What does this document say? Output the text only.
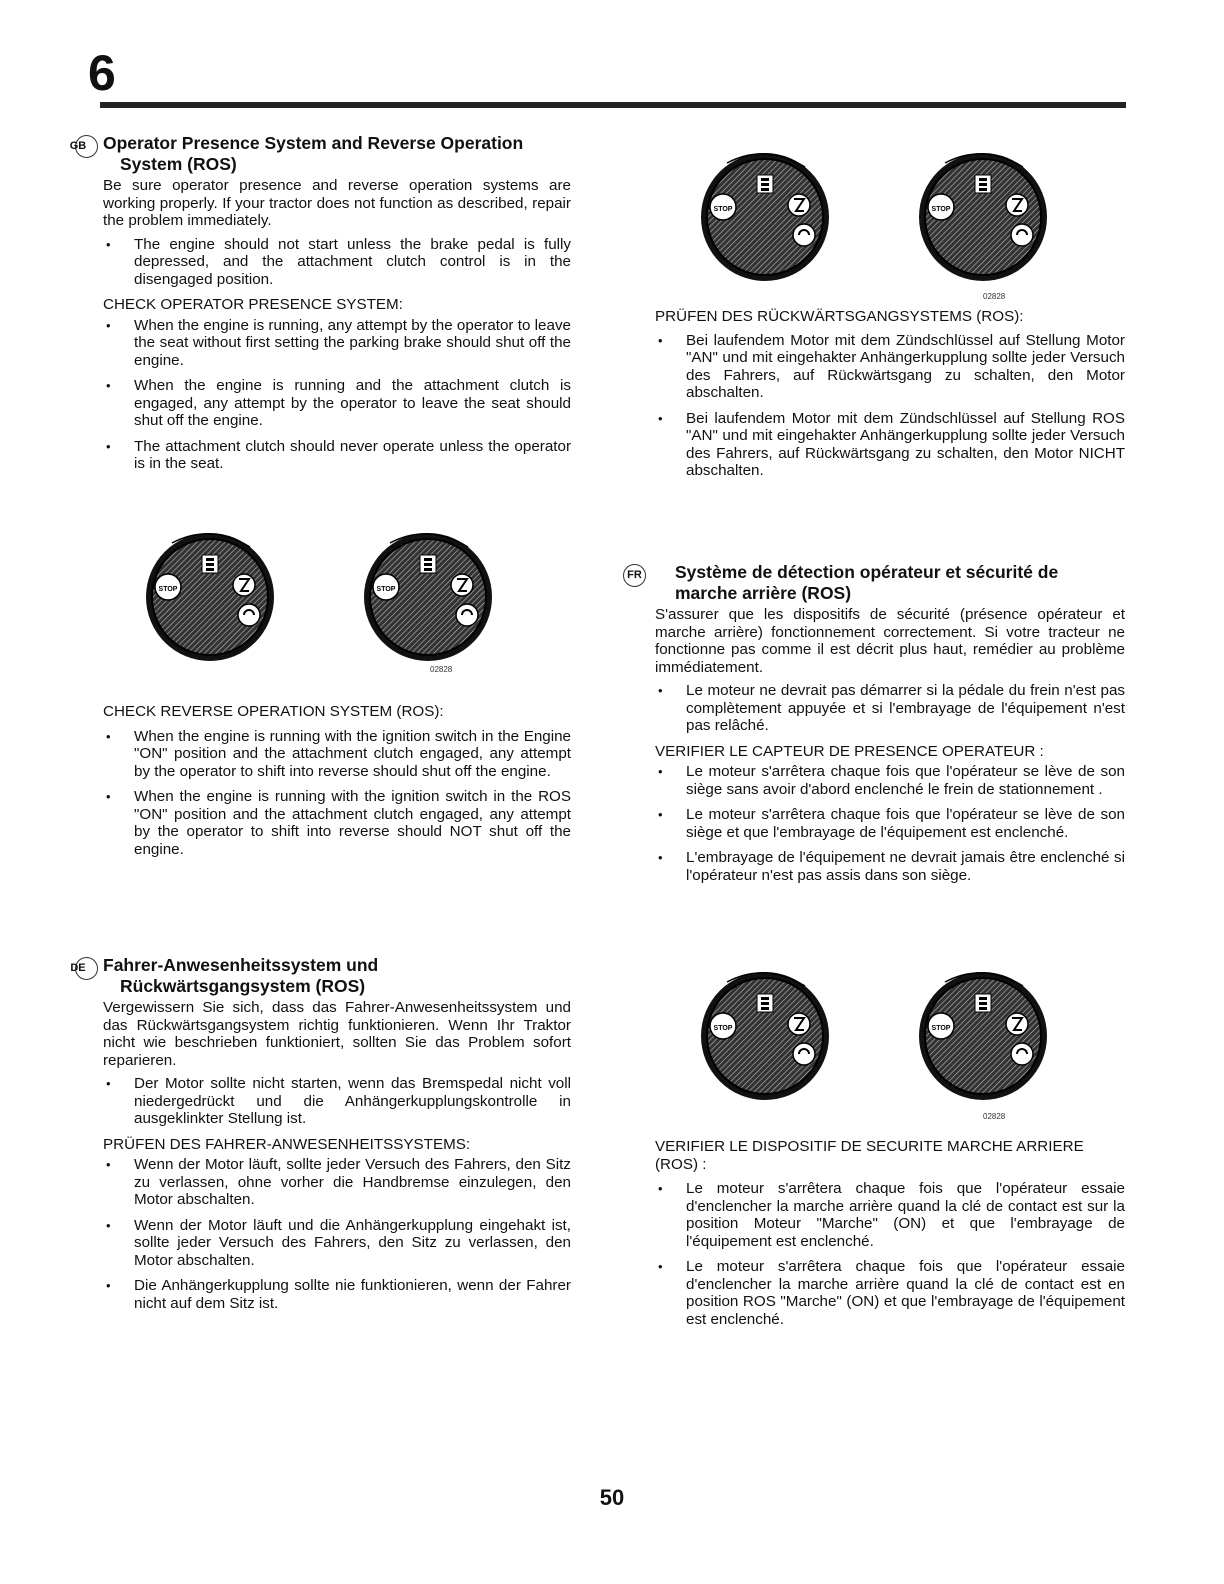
6
GB Operator Presence System and Reverse Operation System (ROS)

Be sure operator presence and reverse operation systems are working properly. If your tractor does not function as described, repair the problem immediately.

• The engine should not start unless the brake pedal is fully depressed, and the attachment clutch control is in the disengaged position.
CHECK OPERATOR PRESENCE SYSTEM:
• When the engine is running, any attempt by the operator to leave the seat without first setting the parking brake should shut off the engine.
• When the engine is running and the attachment clutch is engaged, any attempt by the operator to leave the seat should shut off the engine.
• The attachment clutch should never operate unless the operator is in the seat.
02828
CHECK REVERSE OPERATION SYSTEM (ROS):
• When the engine is running with the ignition switch in the Engine "ON" position and the attachment clutch engaged, any attempt by the operator to shift into reverse should shut off the engine.
• When the engine is running with the ignition switch in the ROS "ON" position and the attachment clutch engaged, any attempt by the operator to shift into reverse should NOT shut off the engine.
DE Fahrer-Anwesenheitssystem und Rückwärtsgangsystem (ROS)

Vergewissern Sie sich, dass das Fahrer-Anwesenheitssystem und das Rückwärtsgangsystem richtig funktionieren. Wenn Ihr Traktor nicht wie beschrieben funktioniert, sollten Sie das Problem sofort reparieren.

• Der Motor sollte nicht starten, wenn das Bremspedal nicht voll niedergedrückt und die Anhängerkupplungskontrolle in ausgeklinkter Stellung ist.
PRÜFEN DES FAHRER-ANWESENHEITSSYSTEMS:
• Wenn der Motor läuft, sollte jeder Versuch des Fahrers, den Sitz zu verlassen, ohne vorher die Handbremse einzulegen, den Motor abschalten.
• Wenn der Motor läuft und die Anhängerkupplung eingehakt ist, sollte jeder Versuch des Fahrers, den Sitz zu verlassen, den Motor abschalten.
• Die Anhängerkupplung sollte nie funktionieren, wenn der Fahrer nicht auf dem Sitz ist.
02828
PRÜFEN DES RÜCKWÄRTSGANGSYSTEMS (ROS):
• Bei laufendem Motor mit dem Zündschlüssel auf Stellung Motor "AN" und mit eingehakter Anhängerkupplung sollte jeder Versuch des Fahrers, auf Rückwärtsgang zu schalten, den Motor abschalten.
• Bei laufendem Motor mit dem Zündschlüssel auf Stellung ROS "AN" und mit eingehakter Anhängerkupplung sollte jeder Versuch des Fahrers, auf Rückwärtsgang zu schalten, den Motor NICHT abschalten.
FR Système de détection opérateur et sécurité de marche arrière (ROS)

S'assurer que les dispositifs de sécurité (présence opérateur et marche arrière) fonctionnement correctement. Si votre tracteur ne fonctionne pas comme il est décrit plus haut, remédier au problème immédiatement.

• Le moteur ne devrait pas démarrer si la pédale du frein n'est pas complètement appuyée et si l'embrayage de l'équipement n'est pas relâché.
VERIFIER LE CAPTEUR DE PRESENCE OPERATEUR :
• Le moteur s'arrêtera chaque fois que l'opérateur se lève de son siège sans avoir d'abord enclenché le frein de stationnement .
• Le moteur s'arrêtera chaque fois que l'opérateur se lève de son siège et que l'embrayage de l'équipement est enclenché.
• L'embrayage de l'équipement ne devrait jamais être enclenché si l'opérateur n'est pas assis dans son siège.
02828
VERIFIER LE DISPOSITIF DE SECURITE MARCHE ARRIERE (ROS) :
• Le moteur s'arrêtera chaque fois que l'opérateur essaie d'enclencher la marche arrière quand la clé de contact est sur la position Moteur "Marche" (ON) et que l'embrayage de l'équipement est enclenché.
• Le moteur s'arrêtera chaque fois que l'opérateur essaie d'enclencher la marche arrière quand la clé de contact est en position ROS "Marche" (ON) et que l'embrayage de l'équipement est enclenché.
50
